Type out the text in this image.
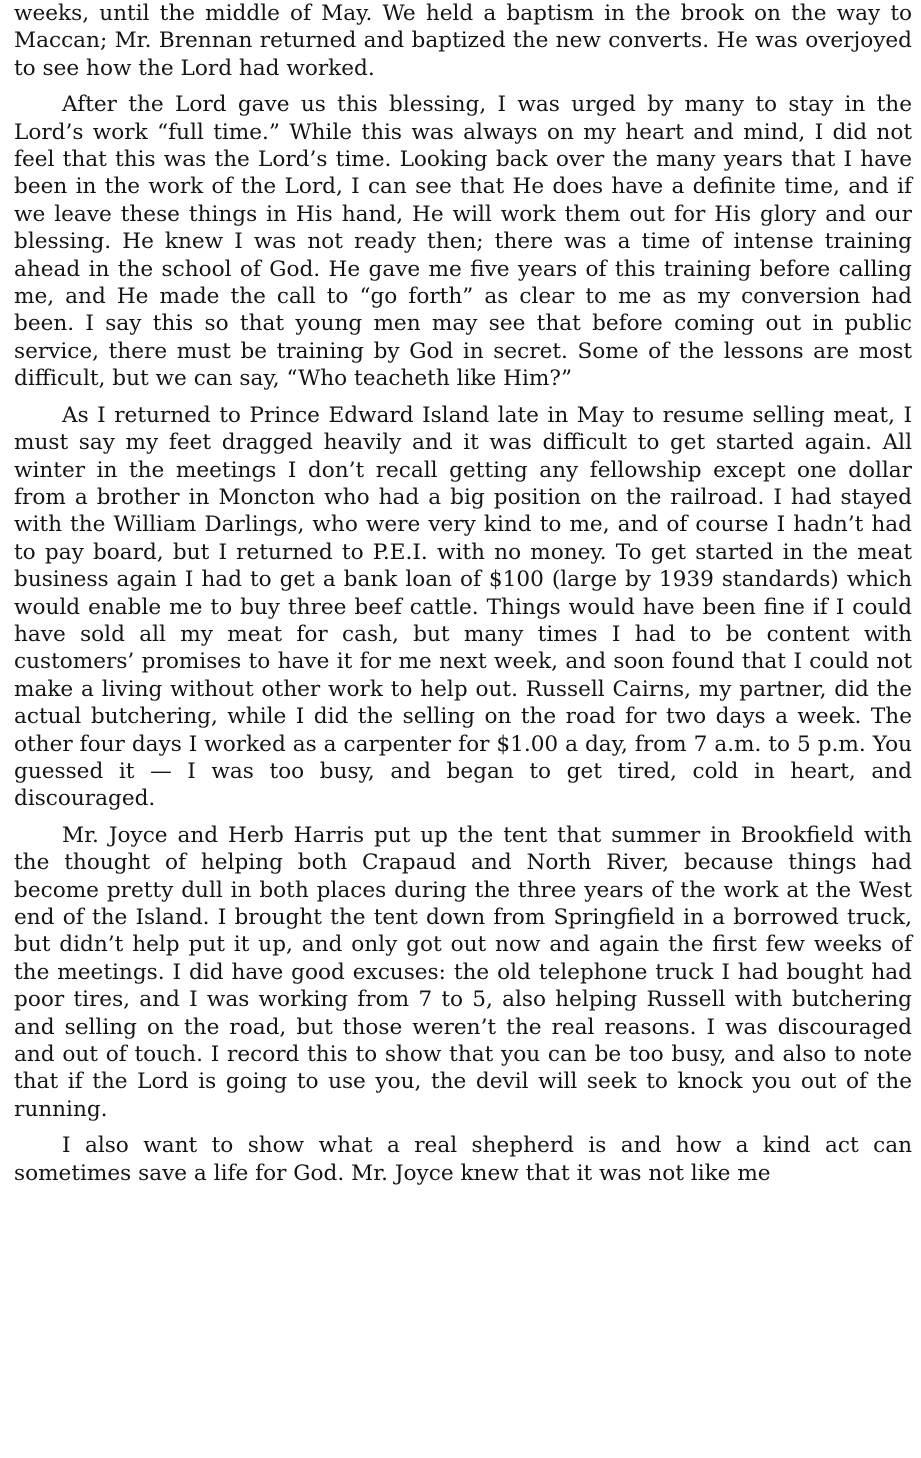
weeks, until the middle of May. We held a baptism in the brook on the way to Maccan; Mr. Brennan returned and baptized the new converts. He was overjoyed to see how the Lord had worked.

After the Lord gave us this blessing, I was urged by many to stay in the Lord’s work “full time.” While this was always on my heart and mind, I did not feel that this was the Lord’s time. Looking back over the many years that I have been in the work of the Lord, I can see that He does have a definite time, and if we leave these things in His hand, He will work them out for His glory and our blessing. He knew I was not ready then; there was a time of intense training ahead in the school of God. He gave me five years of this training before calling me, and He made the call to “go forth” as clear to me as my conversion had been. I say this so that young men may see that before coming out in public service, there must be training by God in secret. Some of the lessons are most difficult, but we can say, “Who teacheth like Him?”

As I returned to Prince Edward Island late in May to resume selling meat, I must say my feet dragged heavily and it was difficult to get started again. All winter in the meetings I don’t recall getting any fellowship except one dollar from a brother in Moncton who had a big position on the railroad. I had stayed with the William Darlings, who were very kind to me, and of course I hadn’t had to pay board, but I returned to P.E.I. with no money. To get started in the meat business again I had to get a bank loan of $100 (large by 1939 standards) which would enable me to buy three beef cattle. Things would have been fine if I could have sold all my meat for cash, but many times I had to be content with customers’ promises to have it for me next week, and soon found that I could not make a living without other work to help out. Russell Cairns, my partner, did the actual butchering, while I did the selling on the road for two days a week. The other four days I worked as a carpenter for $1.00 a day, from 7 a.m. to 5 p.m. You guessed it — I was too busy, and began to get tired, cold in heart, and discouraged.

Mr. Joyce and Herb Harris put up the tent that summer in Brookfield with the thought of helping both Crapaud and North River, because things had become pretty dull in both places during the three years of the work at the West end of the Island. I brought the tent down from Springfield in a borrowed truck, but didn’t help put it up, and only got out now and again the first few weeks of the meetings. I did have good excuses: the old telephone truck I had bought had poor tires, and I was working from 7 to 5, also helping Russell with butchering and selling on the road, but those weren’t the real reasons. I was discouraged and out of touch. I record this to show that you can be too busy, and also to note that if the Lord is going to use you, the devil will seek to knock you out of the running.

I also want to show what a real shepherd is and how a kind act can sometimes save a life for God. Mr. Joyce knew that it was not like me
